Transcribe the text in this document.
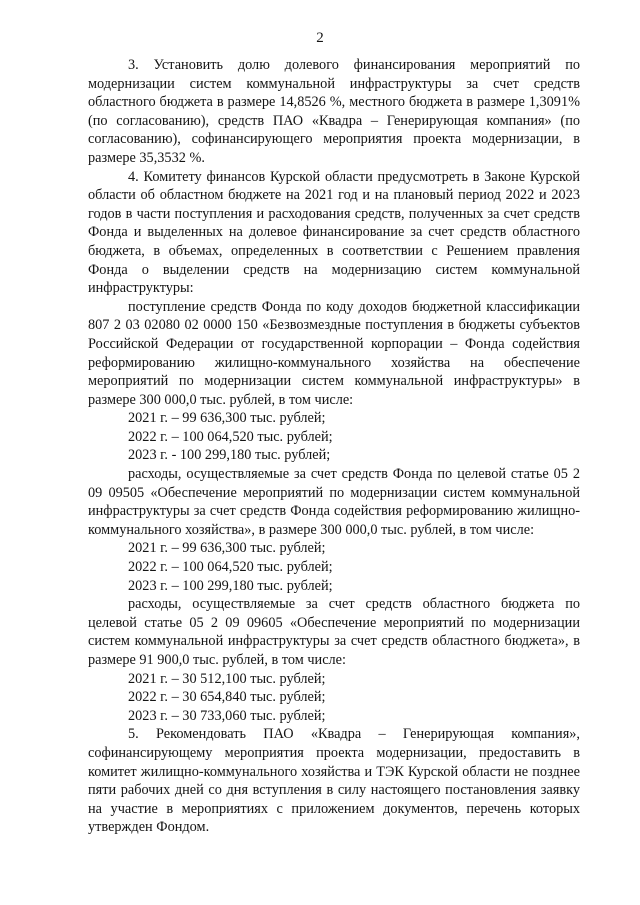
2

3. Установить долю долевого финансирования мероприятий по модернизации систем коммунальной инфраструктуры за счет средств областного бюджета в размере 14,8526 %, местного бюджета в размере 1,3091% (по согласованию), средств ПАО «Квадра – Генерирующая компания» (по согласованию), софинансирующего мероприятия проекта модернизации, в размере 35,3532 %.

4. Комитету финансов Курской области предусмотреть в Законе Курской области об областном бюджете на 2021 год и на плановый период 2022 и 2023 годов в части поступления и расходования средств, полученных за счет средств Фонда и выделенных на долевое финансирование за счет средств областного бюджета, в объемах, определенных в соответствии с Решением правления Фонда о выделении средств на модернизацию систем коммунальной инфраструктуры:

поступление средств Фонда по коду доходов бюджетной классификации 807 2 03 02080 02 0000 150 «Безвозмездные поступления в бюджеты субъектов Российской Федерации от государственной корпорации – Фонда содействия реформированию жилищно-коммунального хозяйства на обеспечение мероприятий по модернизации систем коммунальной инфраструктуры» в размере 300 000,0 тыс. рублей, в том числе:

2021 г. – 99 636,300 тыс. рублей;

2022 г. – 100 064,520 тыс. рублей;

2023 г. - 100 299,180 тыс. рублей;

расходы, осуществляемые за счет средств Фонда по целевой статье 05 2 09 09505 «Обеспечение мероприятий по модернизации систем коммунальной инфраструктуры за счет средств Фонда содействия реформированию жилищно-коммунального хозяйства», в размере 300 000,0 тыс. рублей, в том числе:

2021 г. – 99 636,300 тыс. рублей;

2022 г. – 100 064,520 тыс. рублей;

2023 г. – 100 299,180 тыс. рублей;

расходы, осуществляемые за счет средств областного бюджета по целевой статье 05 2 09 09605 «Обеспечение мероприятий по модернизации систем коммунальной инфраструктуры за счет средств областного бюджета», в размере 91 900,0 тыс. рублей, в том числе:

2021 г. – 30 512,100 тыс. рублей;

2022 г. – 30 654,840 тыс. рублей;

2023 г. – 30 733,060 тыс. рублей;

5. Рекомендовать ПАО «Квадра – Генерирующая компания», софинансирующему мероприятия проекта модернизации, предоставить в комитет жилищно-коммунального хозяйства и ТЭК Курской области не позднее пяти рабочих дней со дня вступления в силу настоящего постановления заявку на участие в мероприятиях с приложением документов, перечень которых утвержден Фондом.
